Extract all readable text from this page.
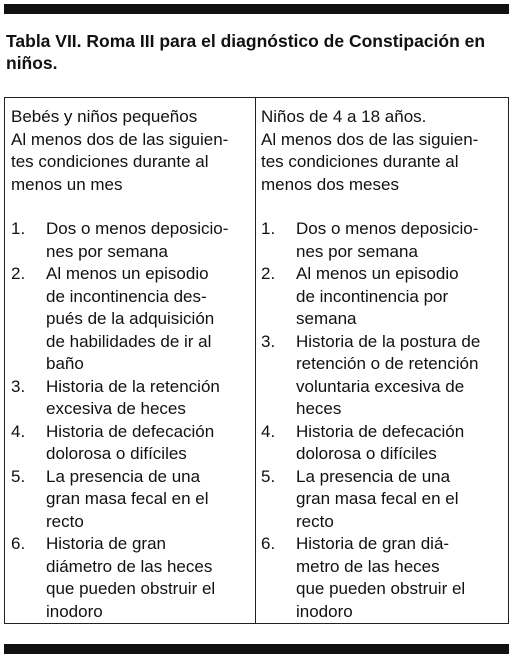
Tabla VII. Roma III para el diagnóstico de Constipación en niños.
Bebés y niños pequeños
Al menos dos de las siguien-
tes condiciones durante al
menos un mes
1.	Dos o menos deposicio-
nes por semana
2.	Al menos un episodio
de incontinencia des-
pués de la adquisición
de habilidades de ir al
baño
3.	Historia de la retención
excesiva de heces
4.	Historia de defecación
dolorosa o difíciles
5.	La presencia de una
gran masa fecal en el
recto
6.	Historia de gran
diámetro de las heces
que pueden obstruir el
inodoro
Niños de 4 a 18 años.
Al menos dos de las siguien-
tes condiciones durante al
menos dos meses
1.	Dos o menos deposicio-
nes por semana
2.	Al menos un episodio
de incontinencia por
semana
3.	Historia de la postura de
retención o de retención
voluntaria excesiva de
heces
4.	Historia de defecación
dolorosa o difíciles
5.	La presencia de una
gran masa fecal en el
recto
6.	Historia de gran diá-
metro de las heces
que pueden obstruir el
inodoro
